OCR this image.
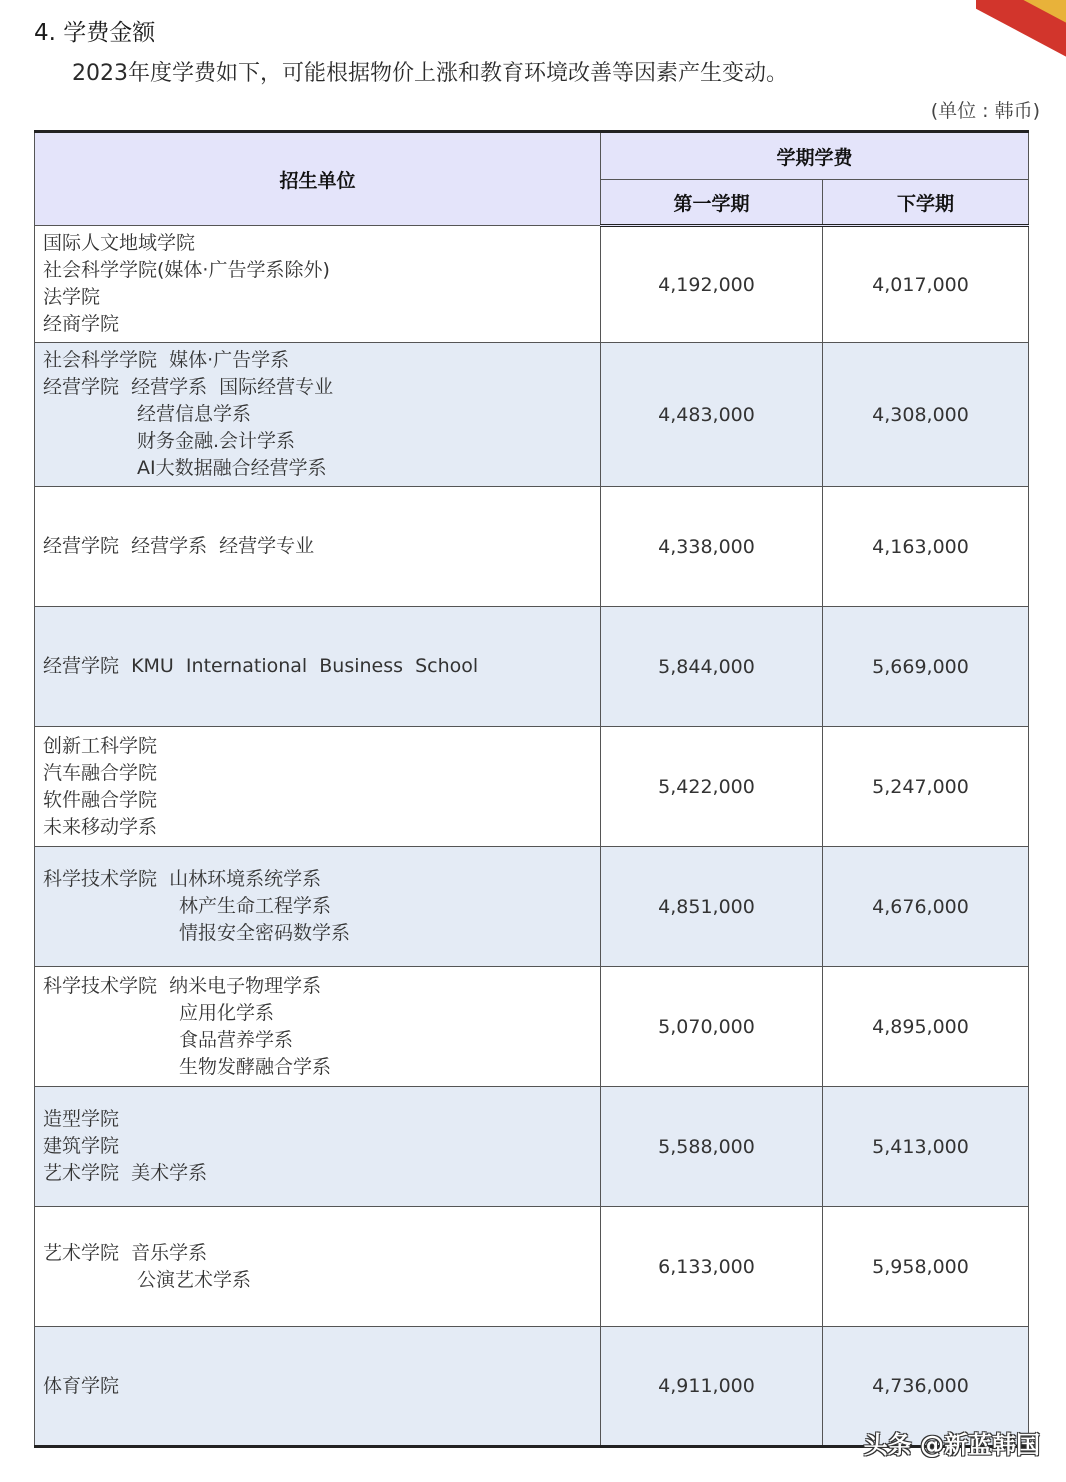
4. 学费金额
2023年度学费如下，可能根据物价上涨和教育环境改善等因素产生变动。
(单位 : 韩币)
招生单位	学期学费	
	第一学期	下学期

国际人文地域学院
社会科学学院(媒体·广告学系除外)
法学院
经商学院	4,192,000	4,017,000

社会科学学院  媒体·广告学系
经营学院  经营学系  国际经营专业
经营信息学系
财务金融.会计学系
AI大数据融合经营学系	4,483,000	4,308,000

经营学院  经营学系  经营学专业	4,338,000	4,163,000

经营学院  KMU  International  Business  School	5,844,000	5,669,000

创新工科学院
汽车融合学院
软件融合学院
未来移动学系	5,422,000	5,247,000

科学技术学院  山林环境系统学系
林产生命工程学系
情报安全密码数学系	4,851,000	4,676,000

科学技术学院  纳米电子物理学系
应用化学系
食品营养学系
生物发酵融合学系	5,070,000	4,895,000

造型学院
建筑学院
艺术学院  美术学系	5,588,000	5,413,000

艺术学院  音乐学系
公演艺术学系	6,133,000	5,958,000

体育学院	4,911,000	4,736,000
头条 @新蓝韩国
